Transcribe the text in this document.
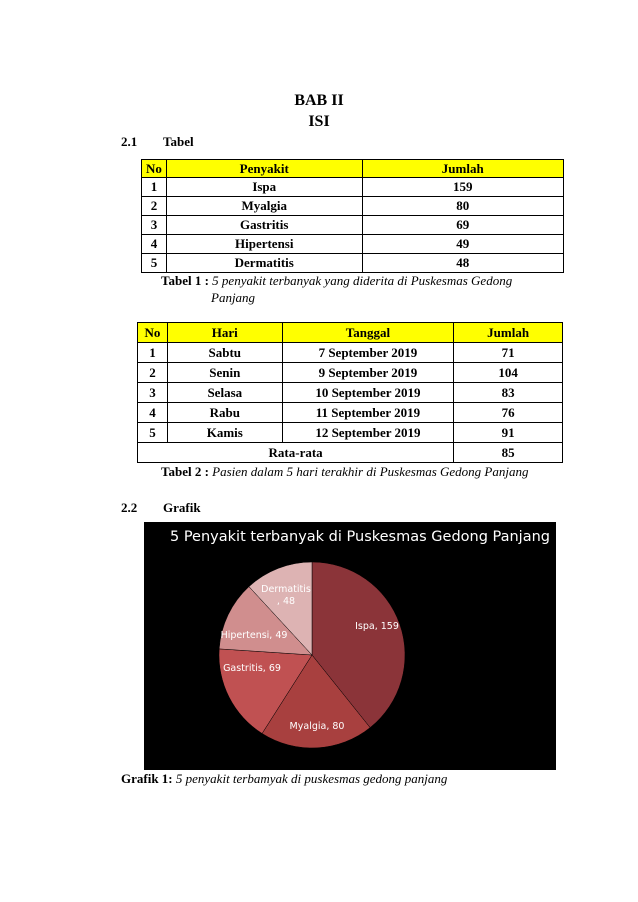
BAB II
ISI
2.1 Tabel
No	Penyakit	Jumlah
1	Ispa	159
2	Myalgia	80
3	Gastritis	69
4	Hipertensi	49
5	Dermatitis	48
Tabel 1 : 5 penyakit terbanyak yang diderita di Puskesmas Gedong
Panjang
No	Hari	Tanggal	Jumlah
1	Sabtu	7 September 2019	71
2	Senin	9 September 2019	104
3	Selasa	10 September 2019	83
4	Rabu	11 September 2019	76
5	Kamis	12 September 2019	91
Rata-rata			85
Tabel 2 : Pasien dalam 5 hari terakhir di Puskesmas Gedong Panjang
2.2 Grafik
5 Penyakit terbanyak di Puskesmas Gedong Panjang
Ispa, 159
Myalgia, 80
Gastritis, 69
Hipertensi, 49
Dermatitis , 48
Grafik 1: 5 penyakit terbamyak di puskesmas gedong panjang
